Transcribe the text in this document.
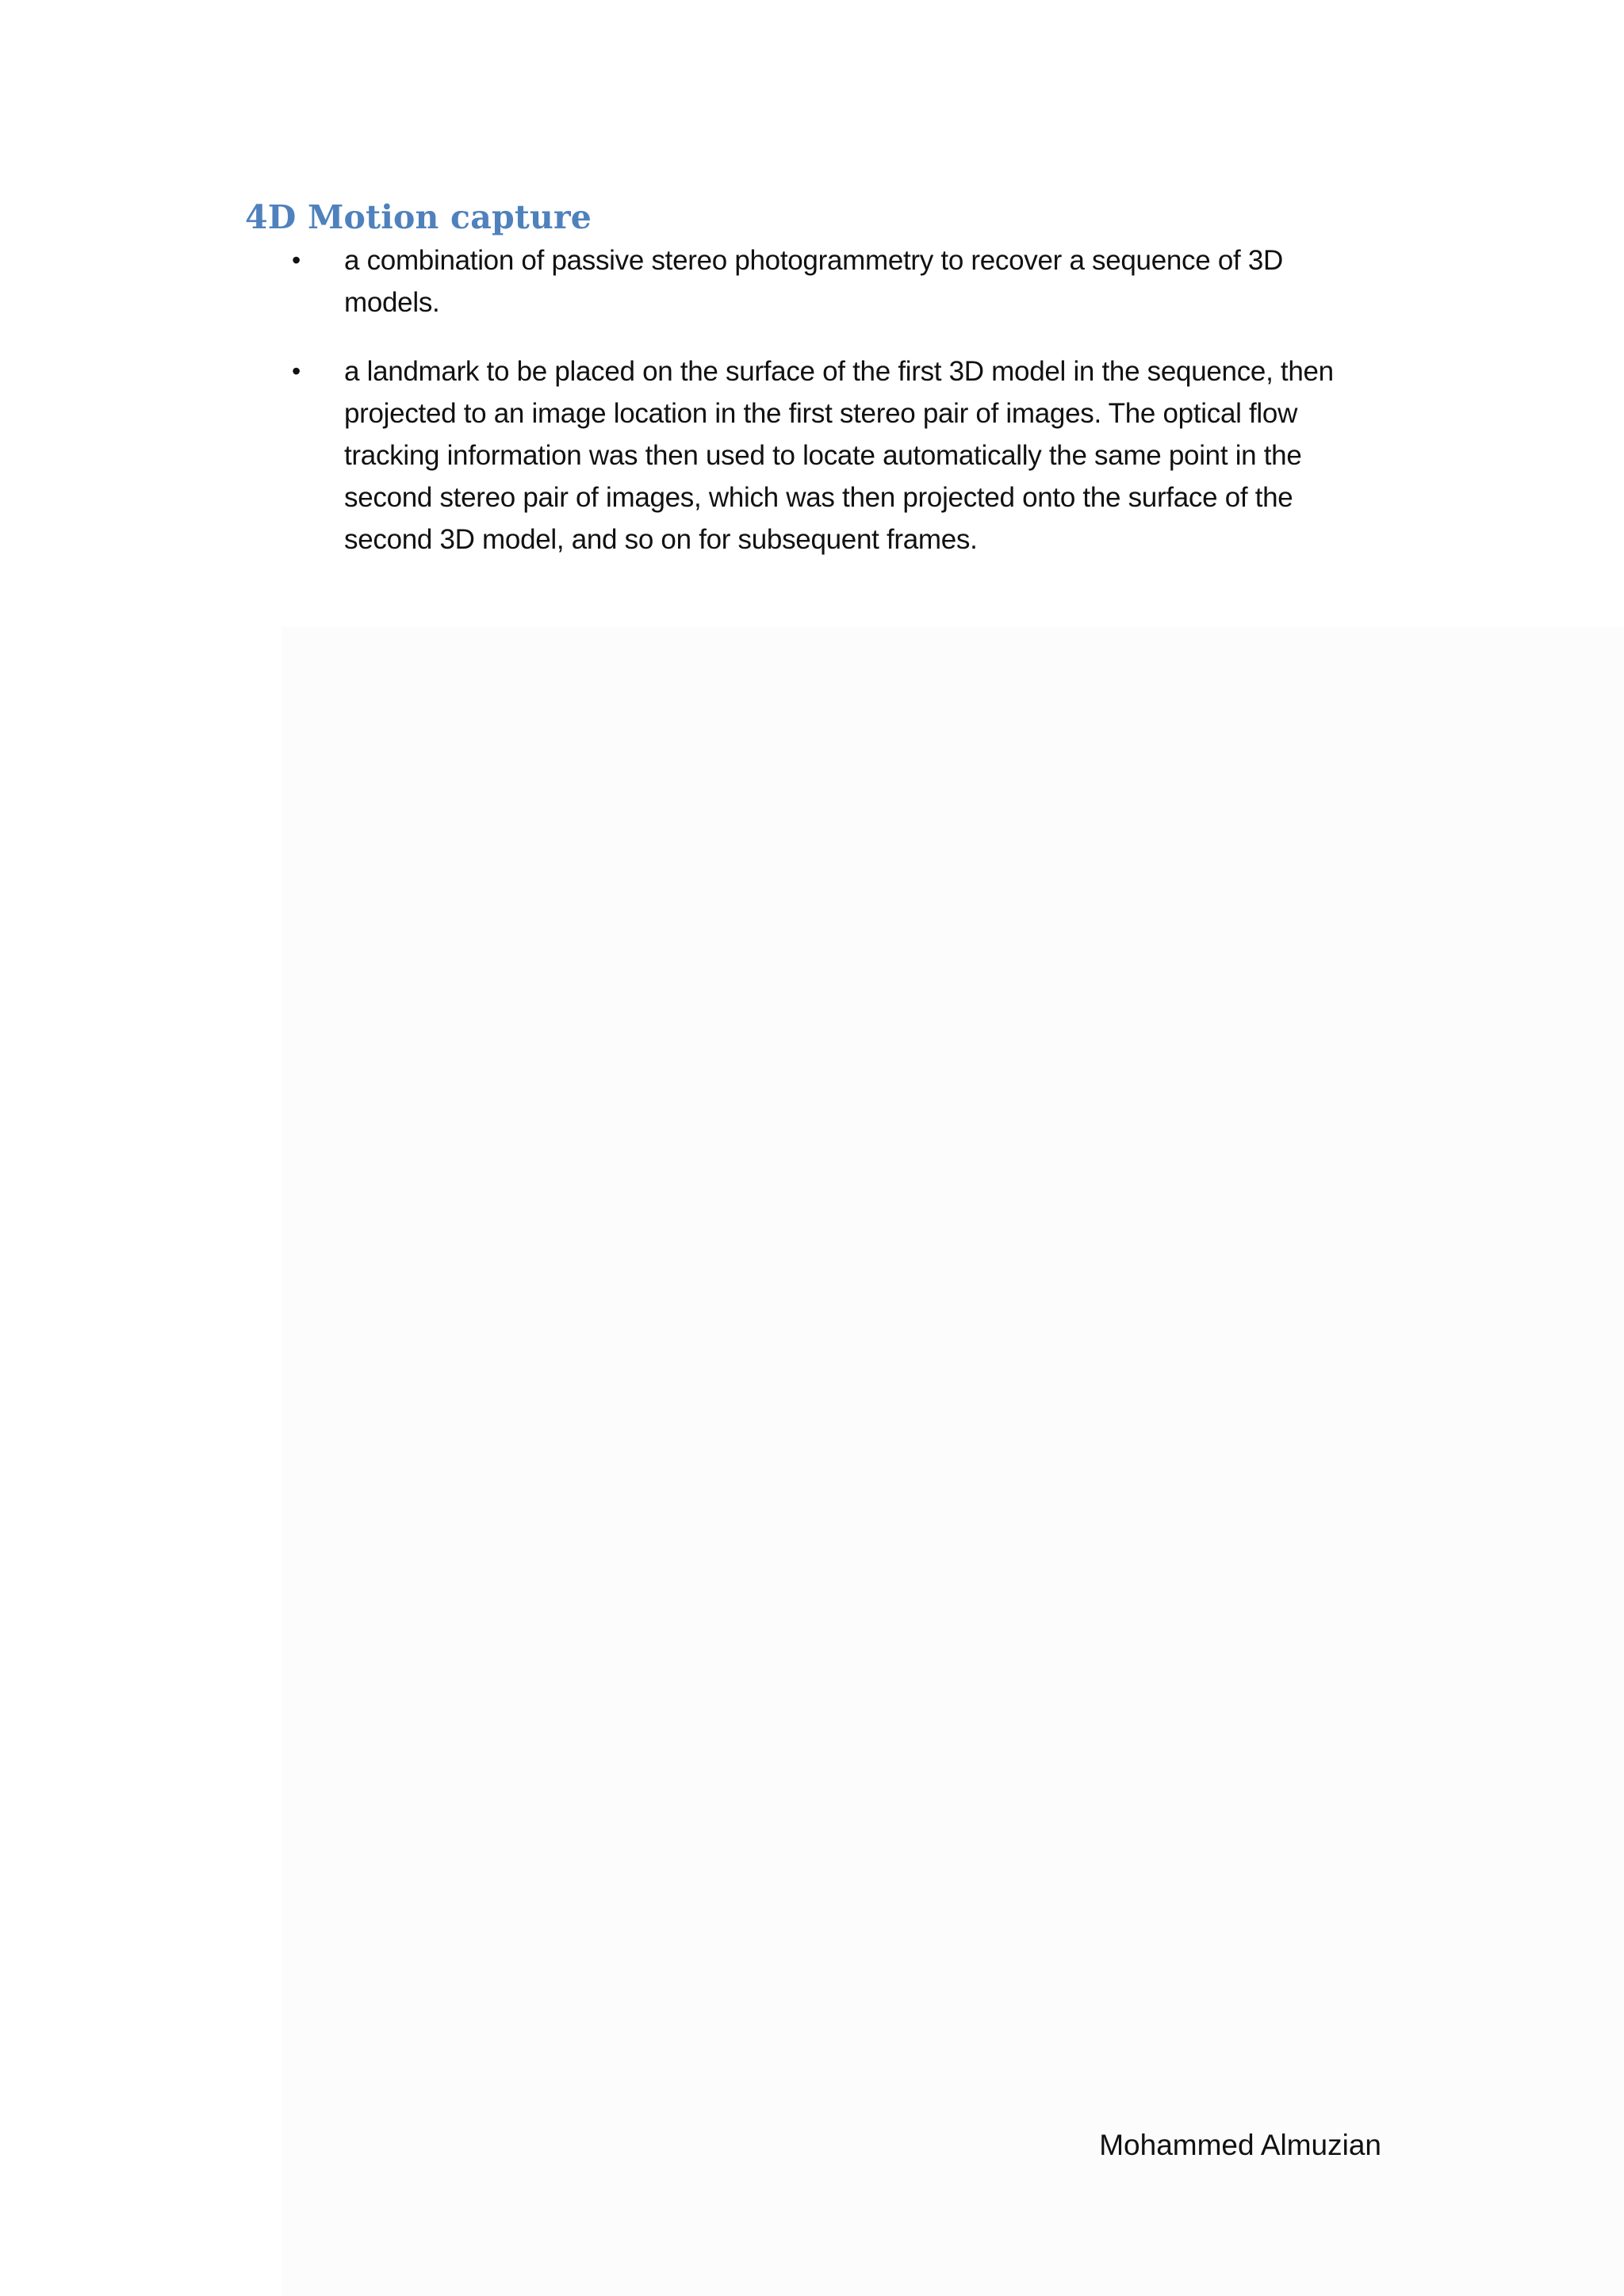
4D Motion capture
•	a combination of passive stereo photogrammetry to recover a sequence of 3D models.
•	a landmark to be placed on the surface of the first 3D model in the sequence, then projected to an image location in the first stereo pair of images. The optical flow tracking information was then used to locate automatically the same point in the second stereo pair of images, which was then projected onto the surface of the second 3D model, and so on for subsequent frames.
Mohammed Almuzian
